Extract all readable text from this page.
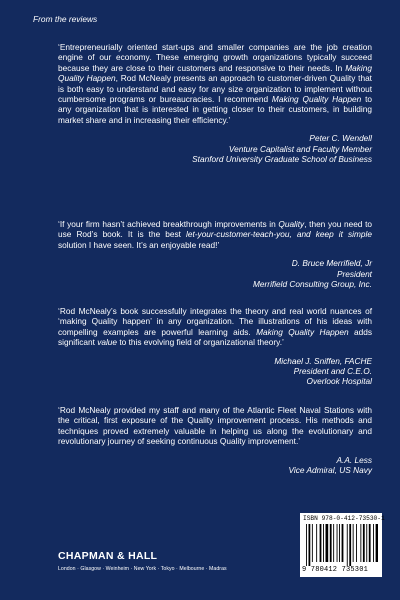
From the reviews

‘Entrepreneurially oriented start-ups and smaller companies are the job creation engine of our economy. These emerging growth organizations typically succeed because they are close to their customers and responsive to their needs. In Making Quality Happen, Rod McNealy presents an approach to customer-driven Quality that is both easy to understand and easy for any size organization to implement without cumbersome programs or bureaucracies. I recommend Making Quality Happen to any organization that is interested in getting closer to their customers, in building market share and in increasing their efficiency.’

Peter C. Wendell
Venture Capitalist and Faculty Member
Stanford University Graduate School of Business

‘If your firm hasn’t achieved breakthrough improvements in Quality, then you need to use Rod’s book. It is the best let-your-customer-teach-you, and keep it simple solution I have seen. It’s an enjoyable read!’

D. Bruce Merrifield, Jr
President
Merrifield Consulting Group, Inc.

‘Rod McNealy’s book successfully integrates the theory and real world nuances of ‘making Quality happen’ in any organization. The illustrations of his ideas with compelling examples are powerful learning aids. Making Quality Happen adds significant value to this evolving field of organizational theory.’

Michael J. Sniffen, FACHE
President and C.E.O.
Overlook Hospital

‘Rod McNealy provided my staff and many of the Atlantic Fleet Naval Stations with the critical, first exposure of the Quality improvement process. His methods and techniques proved extremely valuable in helping us along the evolutionary and revolutionary journey of seeking continuous Quality improvement.’

A.A. Less
Vice Admiral, US Navy
CHAPMAN & HALL
London · Glasgow · Weinheim · New York · Tokyo · Melbourne · Madras
ISBN 978-0-412-73530-1
9 780412 735301
